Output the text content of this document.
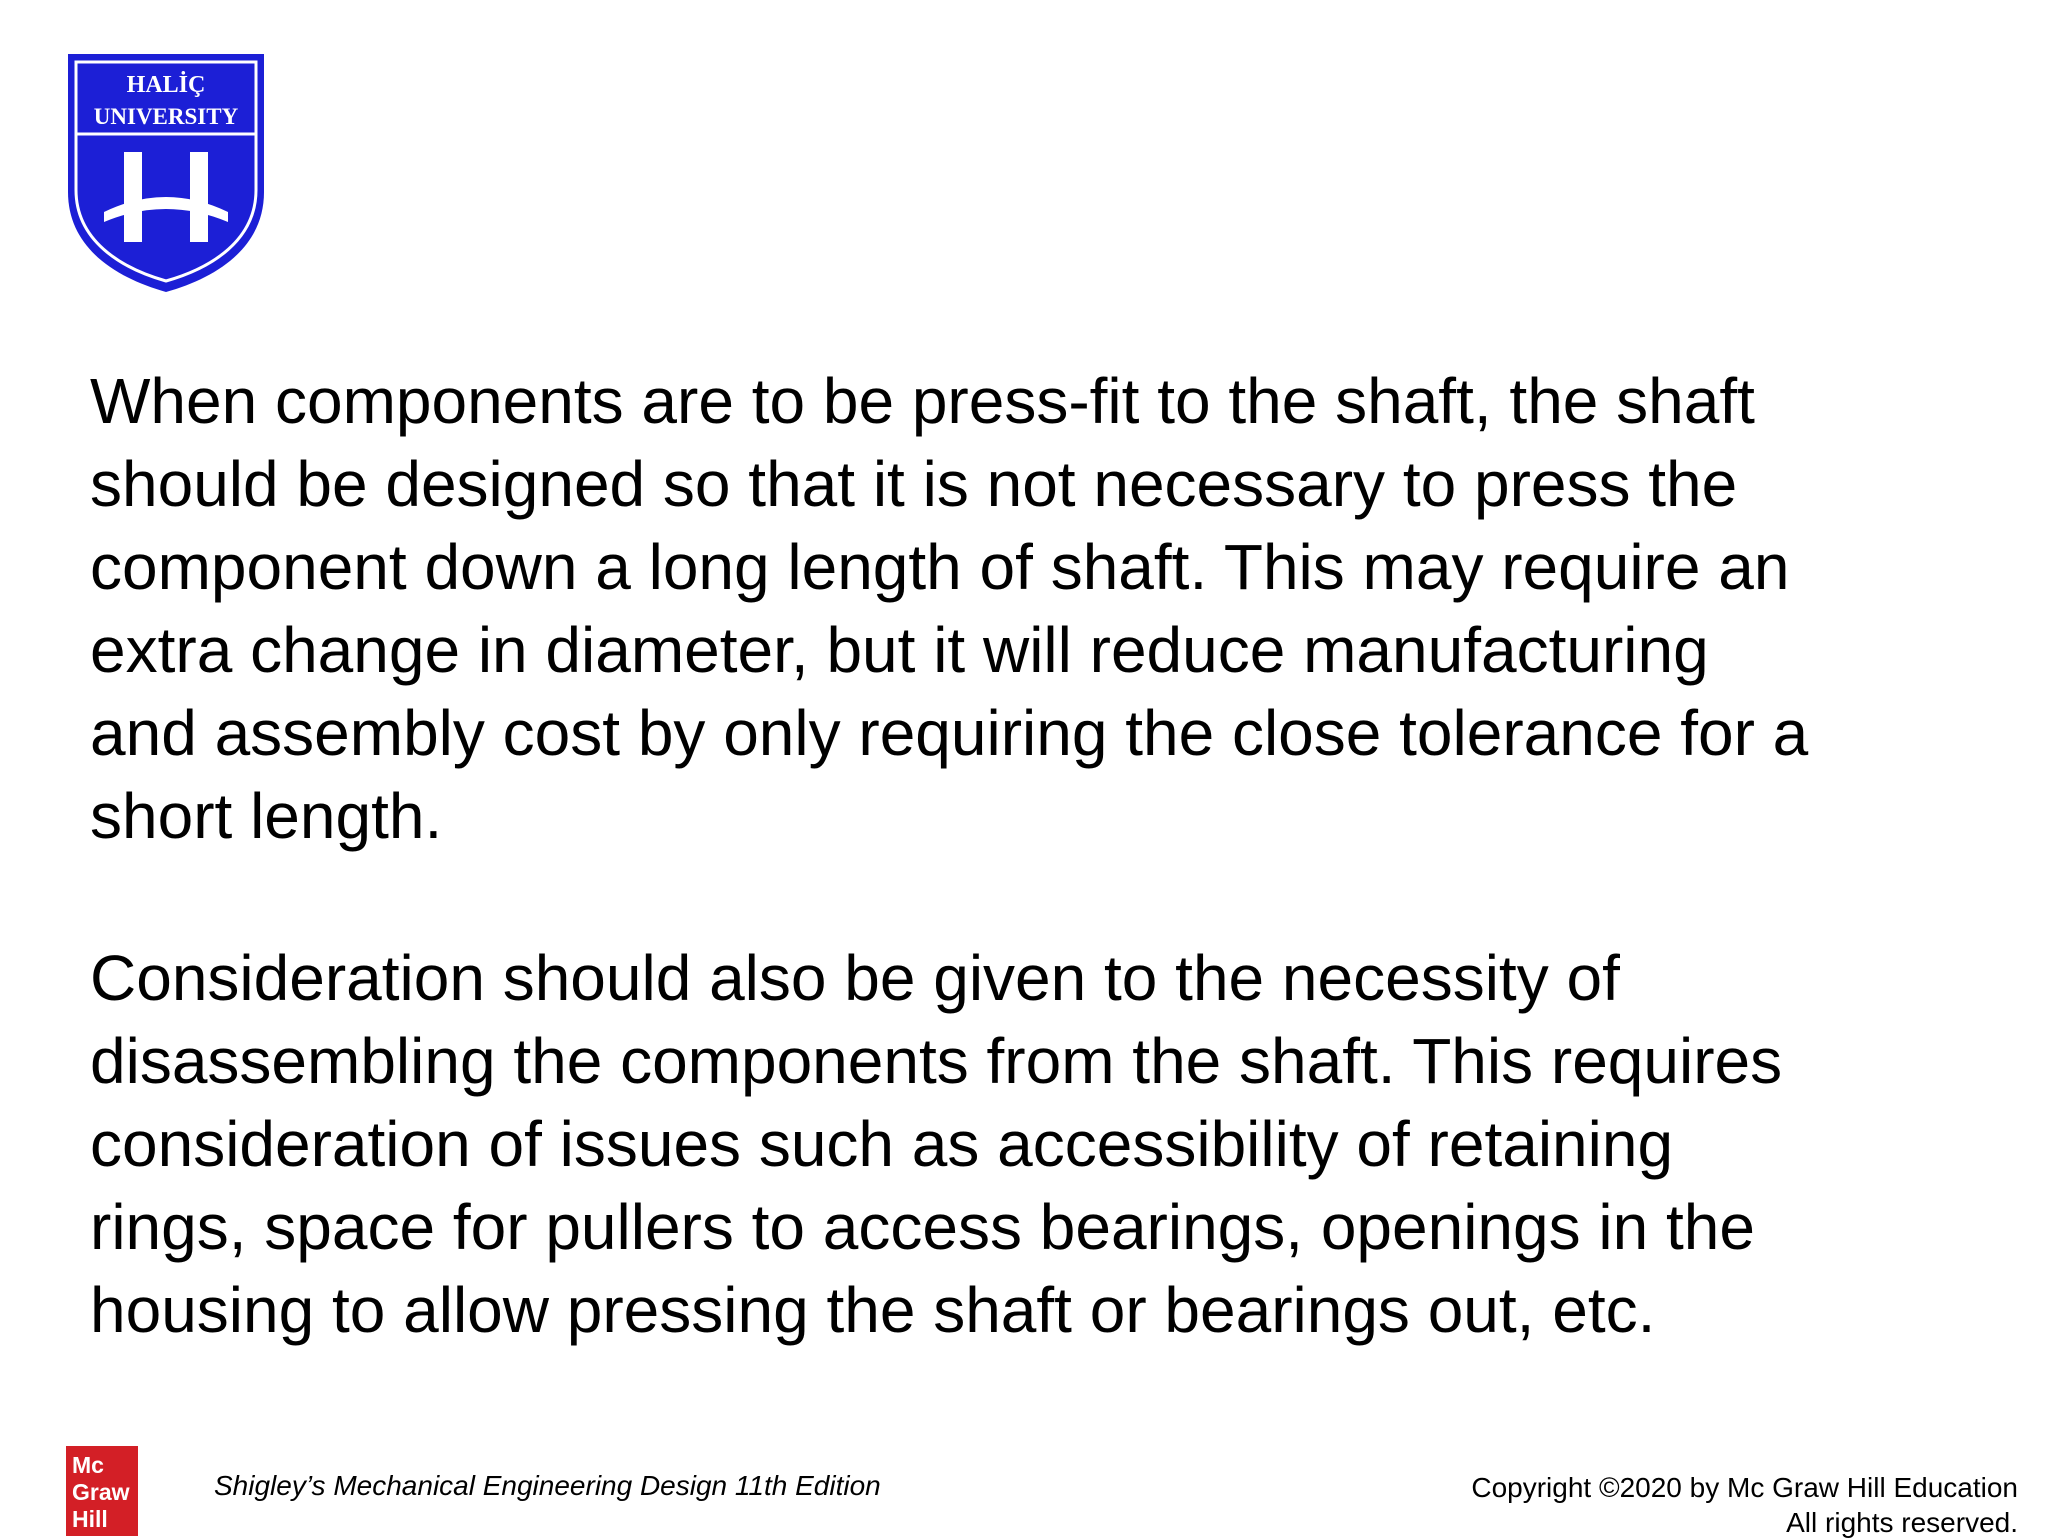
HALİÇ
UNIVERSITY

When components are to be press-fit to the shaft, the shaft
should be designed so that it is not necessary to press the
component down a long length of shaft. This may require an
extra change in diameter, but it will reduce manufacturing
and assembly cost by only requiring the close tolerance for a
short length.

Consideration should also be given to the necessity of
disassembling the components from the shaft. This requires
consideration of issues such as accessibility of retaining
rings, space for pullers to access bearings, openings in the
housing to allow pressing the shaft or bearings out, etc.

Mc
Graw
Hill
Shigley’s Mechanical Engineering Design 11th Edition	Copyright ©2020 by Mc Graw Hill Education
All rights reserved.
